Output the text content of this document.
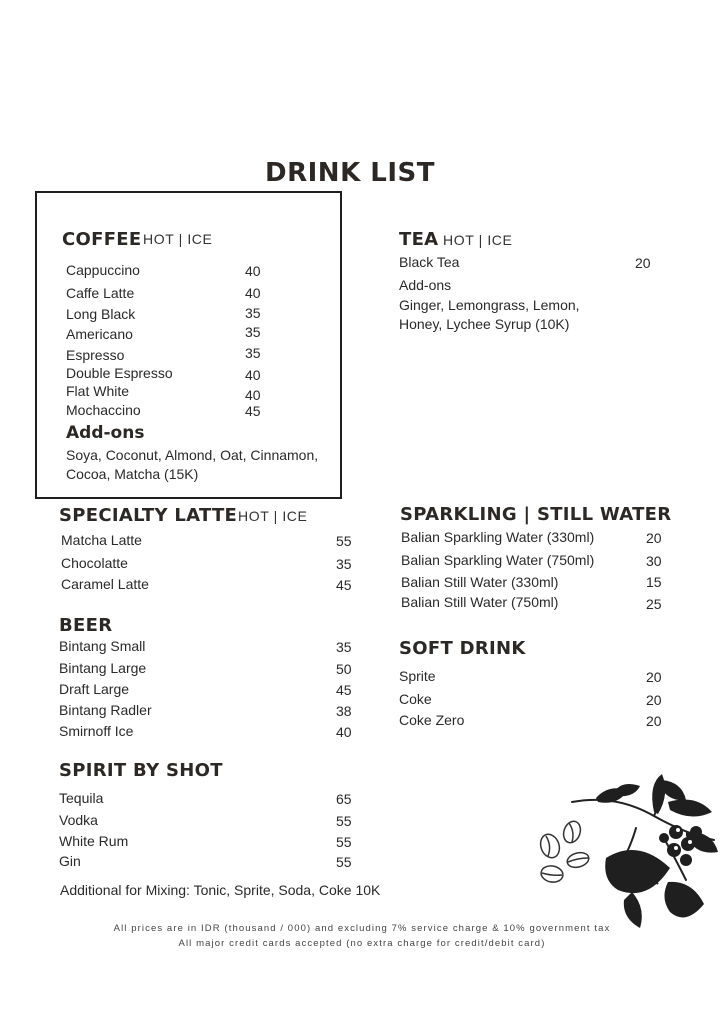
DRINK LIST
COFFEE HOT | ICE
Cappuccino	40
Caffe Latte	40
Long Black	35
Americano	35
Espresso	35
Double Espresso	40
Flat White	40
Mochaccino	45
Add-ons
Soya, Coconut, Almond, Oat, Cinnamon,
Cocoa, Matcha (15K)
TEA HOT | ICE
Black Tea	20
Add-ons
Ginger, Lemongrass, Lemon,
Honey, Lychee Syrup (10K)
SPECIALTY LATTE HOT | ICE
Matcha Latte	55
Chocolatte	35
Caramel Latte	45
SPARKLING | STILL WATER
Balian Sparkling Water (330ml)	20
Balian Sparkling Water (750ml)	30
Balian Still Water (330ml)	15
Balian Still Water (750ml)	25
BEER
Bintang Small	35
Bintang Large	50
Draft Large	45
Bintang Radler	38
Smirnoff Ice	40
SOFT DRINK
Sprite	20
Coke	20
Coke Zero	20
SPIRIT BY SHOT
Tequila	65
Vodka	55
White Rum	55
Gin	55
Additional for Mixing: Tonic, Sprite, Soda, Coke 10K
All prices are in IDR (thousand / 000) and excluding 7% service charge & 10% government tax
All major credit cards accepted (no extra charge for credit/debit card)
